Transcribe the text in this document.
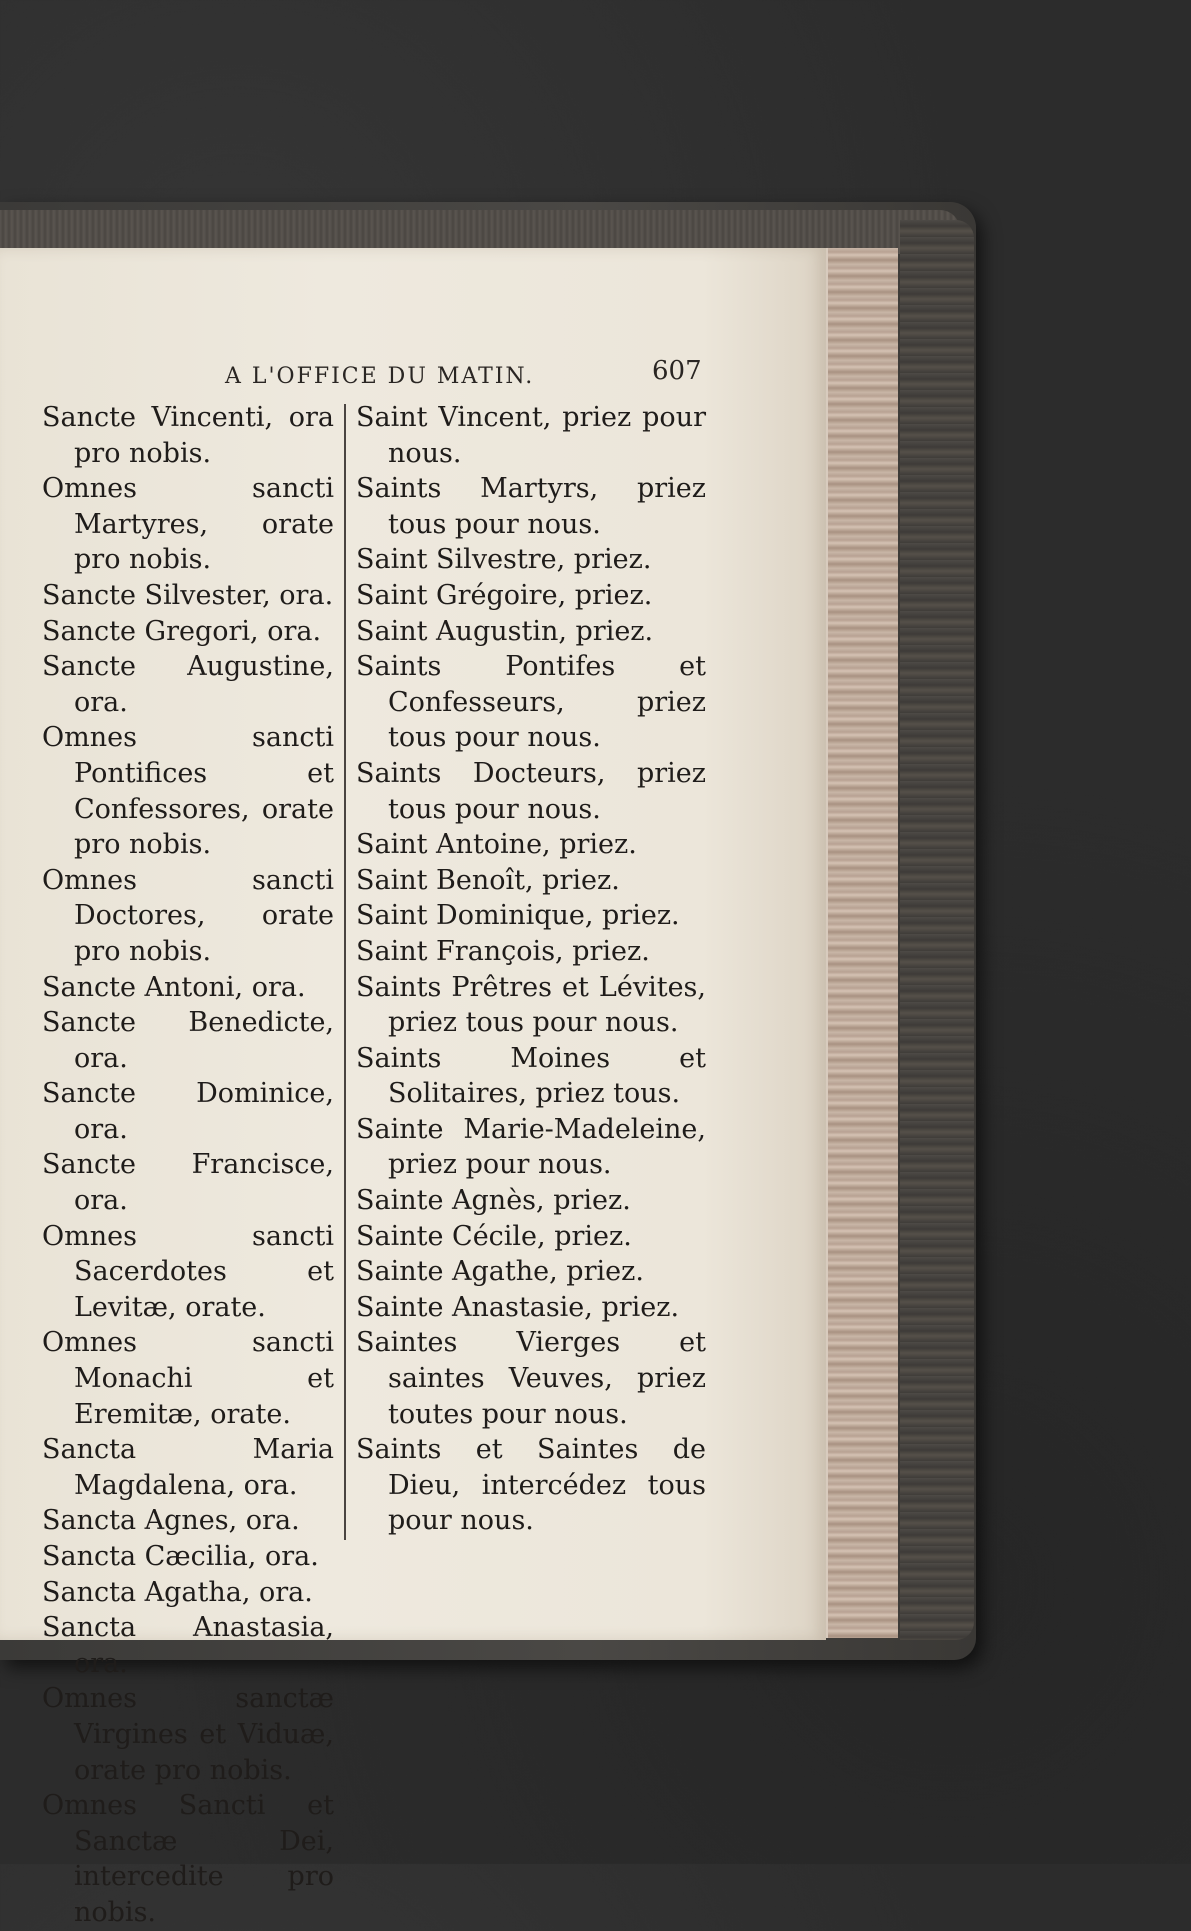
A L'OFFICE DU MATIN.	607

Sancte Vincenti, ora pro nobis.

Omnes sancti Martyres, orate pro nobis.

Sancte Silvester, ora.

Sancte Gregori, ora.

Sancte Augustine, ora.

Omnes sancti Pontifices et Confessores, orate pro nobis.

Omnes sancti Doctores, orate pro nobis.

Sancte Antoni, ora.

Sancte Benedicte, ora.

Sancte Dominice, ora.

Sancte Francisce, ora.

Omnes sancti Sacerdotes et Levitæ, orate.

Omnes sancti Monachi et Eremitæ, orate.

Sancta Maria Magdalena, ora.

Sancta Agnes, ora.

Sancta Cæcilia, ora.

Sancta Agatha, ora.

Sancta Anastasia, ora.

Omnes sanctæ Virgines et Viduæ, orate pro nobis.

Omnes Sancti et Sanctæ Dei, intercedite pro nobis.

Saint Vincent, priez pour nous.

Saints Martyrs, priez tous pour nous.

Saint Silvestre, priez.

Saint Grégoire, priez.

Saint Augustin, priez.

Saints Pontifes et Confesseurs, priez tous pour nous.

Saints Docteurs, priez tous pour nous.

Saint Antoine, priez.

Saint Benoît, priez.

Saint Dominique, priez.

Saint François, priez.

Saints Prêtres et Lévites, priez tous pour nous.

Saints Moines et Solitaires, priez tous.

Sainte Marie-Madeleine, priez pour nous.

Sainte Agnès, priez.

Sainte Cécile, priez.

Sainte Agathe, priez.

Sainte Anastasie, priez.

Saintes Vierges et saintes Veuves, priez toutes pour nous.

Saints et Saintes de Dieu, intercédez tous pour nous.
